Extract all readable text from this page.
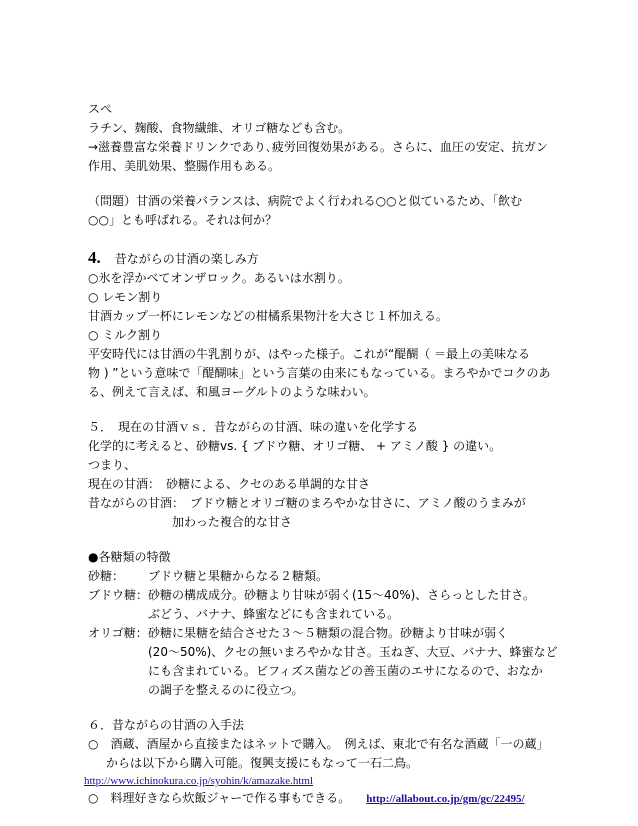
スぺ
ラチン、麹酸、食物繊維、オリゴ糖なども含む。
→滋養豊富な栄養ドリンクであり､疲労回復効果がある。さらに、血圧の安定、抗ガン
作用、美肌効果、整腸作用もある。
（問題）甘酒の栄養バランスは、病院でよく行われる○○と似ているため、「飲む
○○」とも呼ばれる。それは何か？
4. 昔ながらの甘酒の楽しみ方
○氷を浮かべてオンザロック。あるいは水割り。
○ レモン割り
甘酒カップ一杯にレモンなどの柑橘系果物汁を大さじ１杯加える。
○ ミルク割り
平安時代には甘酒の牛乳割りが、はやった様子。これが“醍醐（ ＝最上の美味なる
物 ) ”という意味で「醍醐味」という言葉の由来にもなっている。まろやかでコクのあ
る、例えて言えば、和風ヨーグルトのような味わい。
５．　現在の甘酒ｖｓ．昔ながらの甘酒、味の違いを化学する
化学的に考えると、砂糖vs. { ブドウ糖、オリゴ糖、 + アミノ酸 } の違い。
つまり、
現在の甘酒：　砂糖による、クセのある単調的な甘さ
昔ながらの甘酒：　ブドウ糖とオリゴ糖のまろやかな甘さに、アミノ酸のうまみが
加わった複合的な甘さ
●各糖類の特徴
砂糖：	ブドウ糖と果糖からなる２糖類。
ブドウ糖： 砂糖の構成成分。砂糖より甘味が弱く(15～40%)、さらっとした甘さ。
ぶどう、バナナ、蜂蜜などにも含まれている。
オリゴ糖： 砂糖に果糖を結合させた３～５糖類の混合物。砂糖より甘味が弱く
(20～50%)、クセの無いまろやかな甘さ。玉ねぎ、大豆、バナナ、蜂蜜など
にも含まれている。ビフィズス菌などの善玉菌のエサになるので、おなか
の調子を整えるのに役立つ。
６．昔ながらの甘酒の入手法
○　酒蔵、酒屋から直接またはネットで購入。　例えば、東北で有名な酒蔵「一の蔵」
からは以下から購入可能。復興支援にもなって一石二鳥。
http://www.ichinokura.co.jp/syohin/k/amazake.html
○　料理好きなら炊飯ジャーで作る事もできる。 http://allabout.co.jp/gm/gc/22495/
